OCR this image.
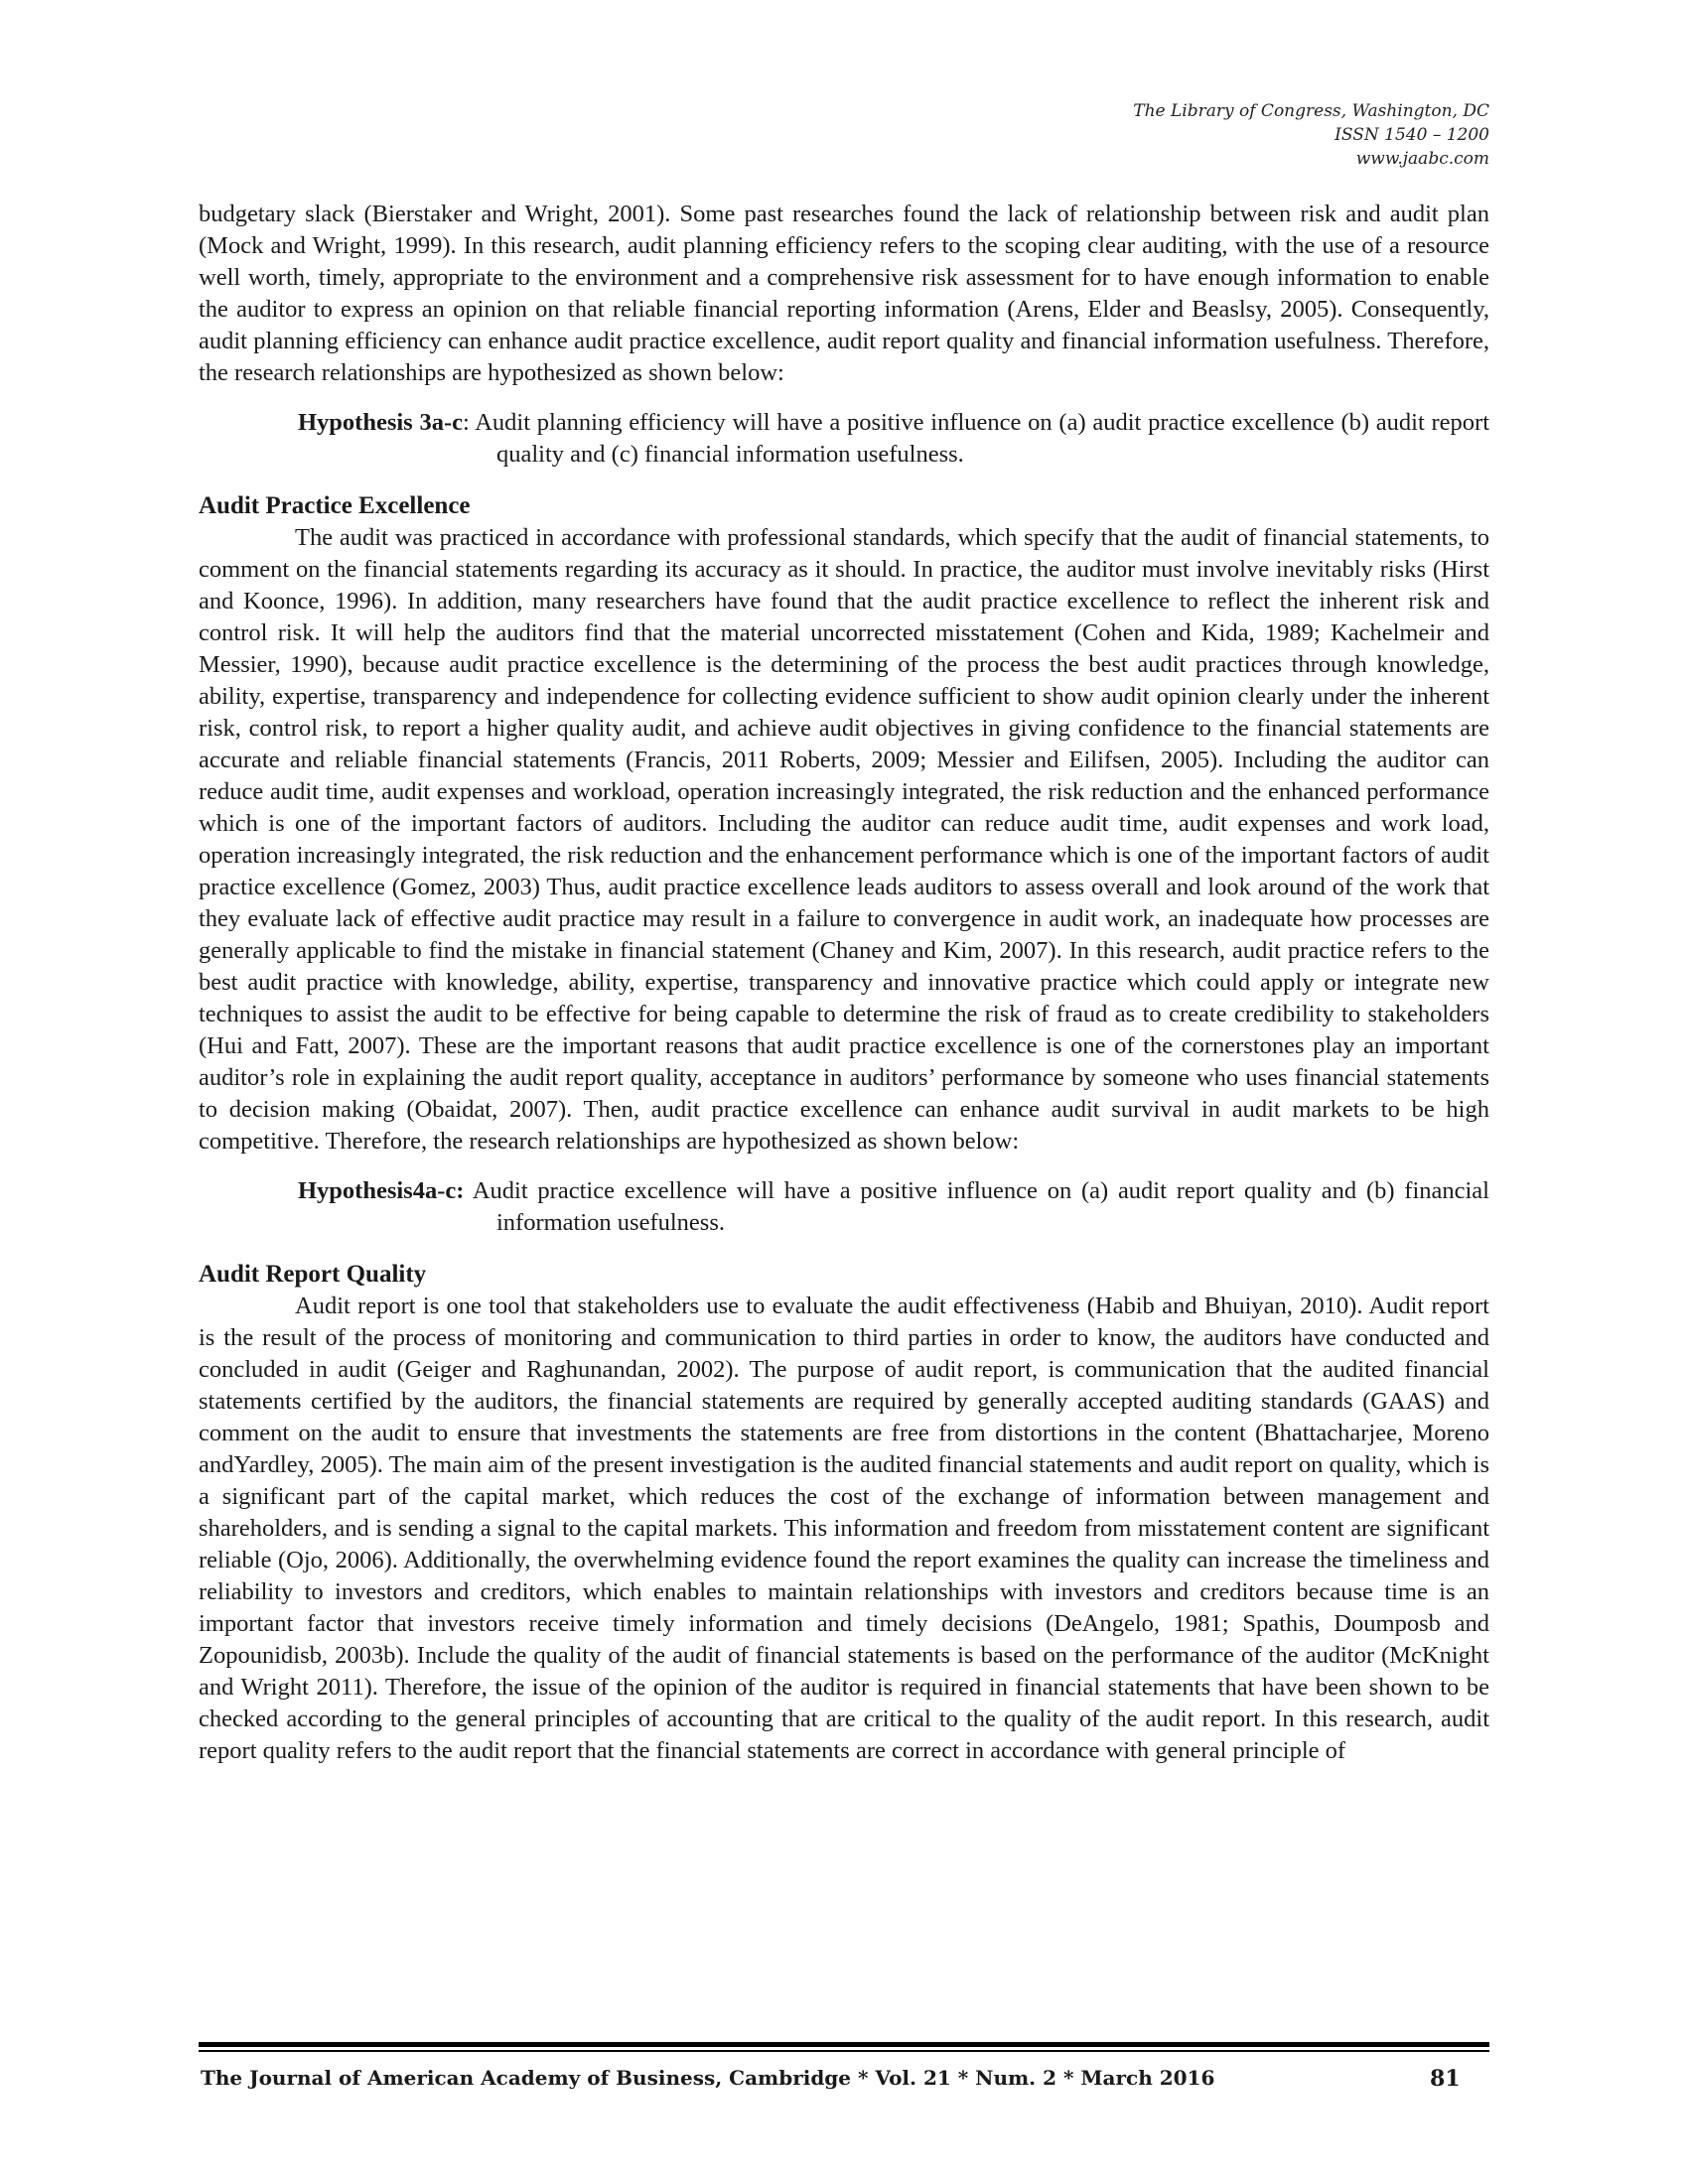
The Library of Congress, Washington, DC
ISSN 1540 – 1200
www.jaabc.com

budgetary slack (Bierstaker and Wright, 2001). Some past researches found the lack of relationship between risk and audit plan (Mock and Wright, 1999). In this research, audit planning efficiency refers to the scoping clear auditing, with the use of a resource well worth, timely, appropriate to the environment and a comprehensive risk assessment for to have enough information to enable the auditor to express an opinion on that reliable financial reporting information (Arens, Elder and Beaslsy, 2005). Consequently, audit planning efficiency can enhance audit practice excellence, audit report quality and financial information usefulness. Therefore, the research relationships are hypothesized as shown below:

Hypothesis 3a-c: Audit planning efficiency will have a positive influence on (a) audit practice excellence (b) audit report quality and (c) financial information usefulness.

Audit Practice Excellence

The audit was practiced in accordance with professional standards, which specify that the audit of financial statements, to comment on the financial statements regarding its accuracy as it should. In practice, the auditor must involve inevitably risks (Hirst and Koonce, 1996). In addition, many researchers have found that the audit practice excellence to reflect the inherent risk and control risk. It will help the auditors find that the material uncorrected misstatement (Cohen and Kida, 1989; Kachelmeir and Messier, 1990), because audit practice excellence is the determining of the process the best audit practices through knowledge, ability, expertise, transparency and independence for collecting evidence sufficient to show audit opinion clearly under the inherent risk, control risk, to report a higher quality audit, and achieve audit objectives in giving confidence to the financial statements are accurate and reliable financial statements (Francis, 2011 Roberts, 2009; Messier and Eilifsen, 2005). Including the auditor can reduce audit time, audit expenses and workload, operation increasingly integrated, the risk reduction and the enhanced performance which is one of the important factors of auditors. Including the auditor can reduce audit time, audit expenses and work load, operation increasingly integrated, the risk reduction and the enhancement performance which is one of the important factors of audit practice excellence (Gomez, 2003) Thus, audit practice excellence leads auditors to assess overall and look around of the work that they evaluate lack of effective audit practice may result in a failure to convergence in audit work, an inadequate how processes are generally applicable to find the mistake in financial statement (Chaney and Kim, 2007). In this research, audit practice refers to the best audit practice with knowledge, ability, expertise, transparency and innovative practice which could apply or integrate new techniques to assist the audit to be effective for being capable to determine the risk of fraud as to create credibility to stakeholders (Hui and Fatt, 2007). These are the important reasons that audit practice excellence is one of the cornerstones play an important auditor’s role in explaining the audit report quality, acceptance in auditors’ performance by someone who uses financial statements to decision making (Obaidat, 2007). Then, audit practice excellence can enhance audit survival in audit markets to be high competitive. Therefore, the research relationships are hypothesized as shown below:

Hypothesis4a-c: Audit practice excellence will have a positive influence on (a) audit report quality and (b) financial information usefulness.

Audit Report Quality

Audit report is one tool that stakeholders use to evaluate the audit effectiveness (Habib and Bhuiyan, 2010). Audit report is the result of the process of monitoring and communication to third parties in order to know, the auditors have conducted and concluded in audit (Geiger and Raghunandan, 2002). The purpose of audit report, is communication that the audited financial statements certified by the auditors, the financial statements are required by generally accepted auditing standards (GAAS) and comment on the audit to ensure that investments the statements are free from distortions in the content (Bhattacharjee, Moreno andYardley, 2005). The main aim of the present investigation is the audited financial statements and audit report on quality, which is a significant part of the capital market, which reduces the cost of the exchange of information between management and shareholders, and is sending a signal to the capital markets. This information and freedom from misstatement content are significant reliable (Ojo, 2006). Additionally, the overwhelming evidence found the report examines the quality can increase the timeliness and reliability to investors and creditors, which enables to maintain relationships with investors and creditors because time is an important factor that investors receive timely information and timely decisions (DeAngelo, 1981; Spathis, Doumposb and Zopounidisb, 2003b). Include the quality of the audit of financial statements is based on the performance of the auditor (McKnight and Wright 2011). Therefore, the issue of the opinion of the auditor is required in financial statements that have been shown to be checked according to the general principles of accounting that are critical to the quality of the audit report. In this research, audit report quality refers to the audit report that the financial statements are correct in accordance with general principle of

The Journal of American Academy of Business, Cambridge * Vol. 21 * Num. 2 * March 2016	81
